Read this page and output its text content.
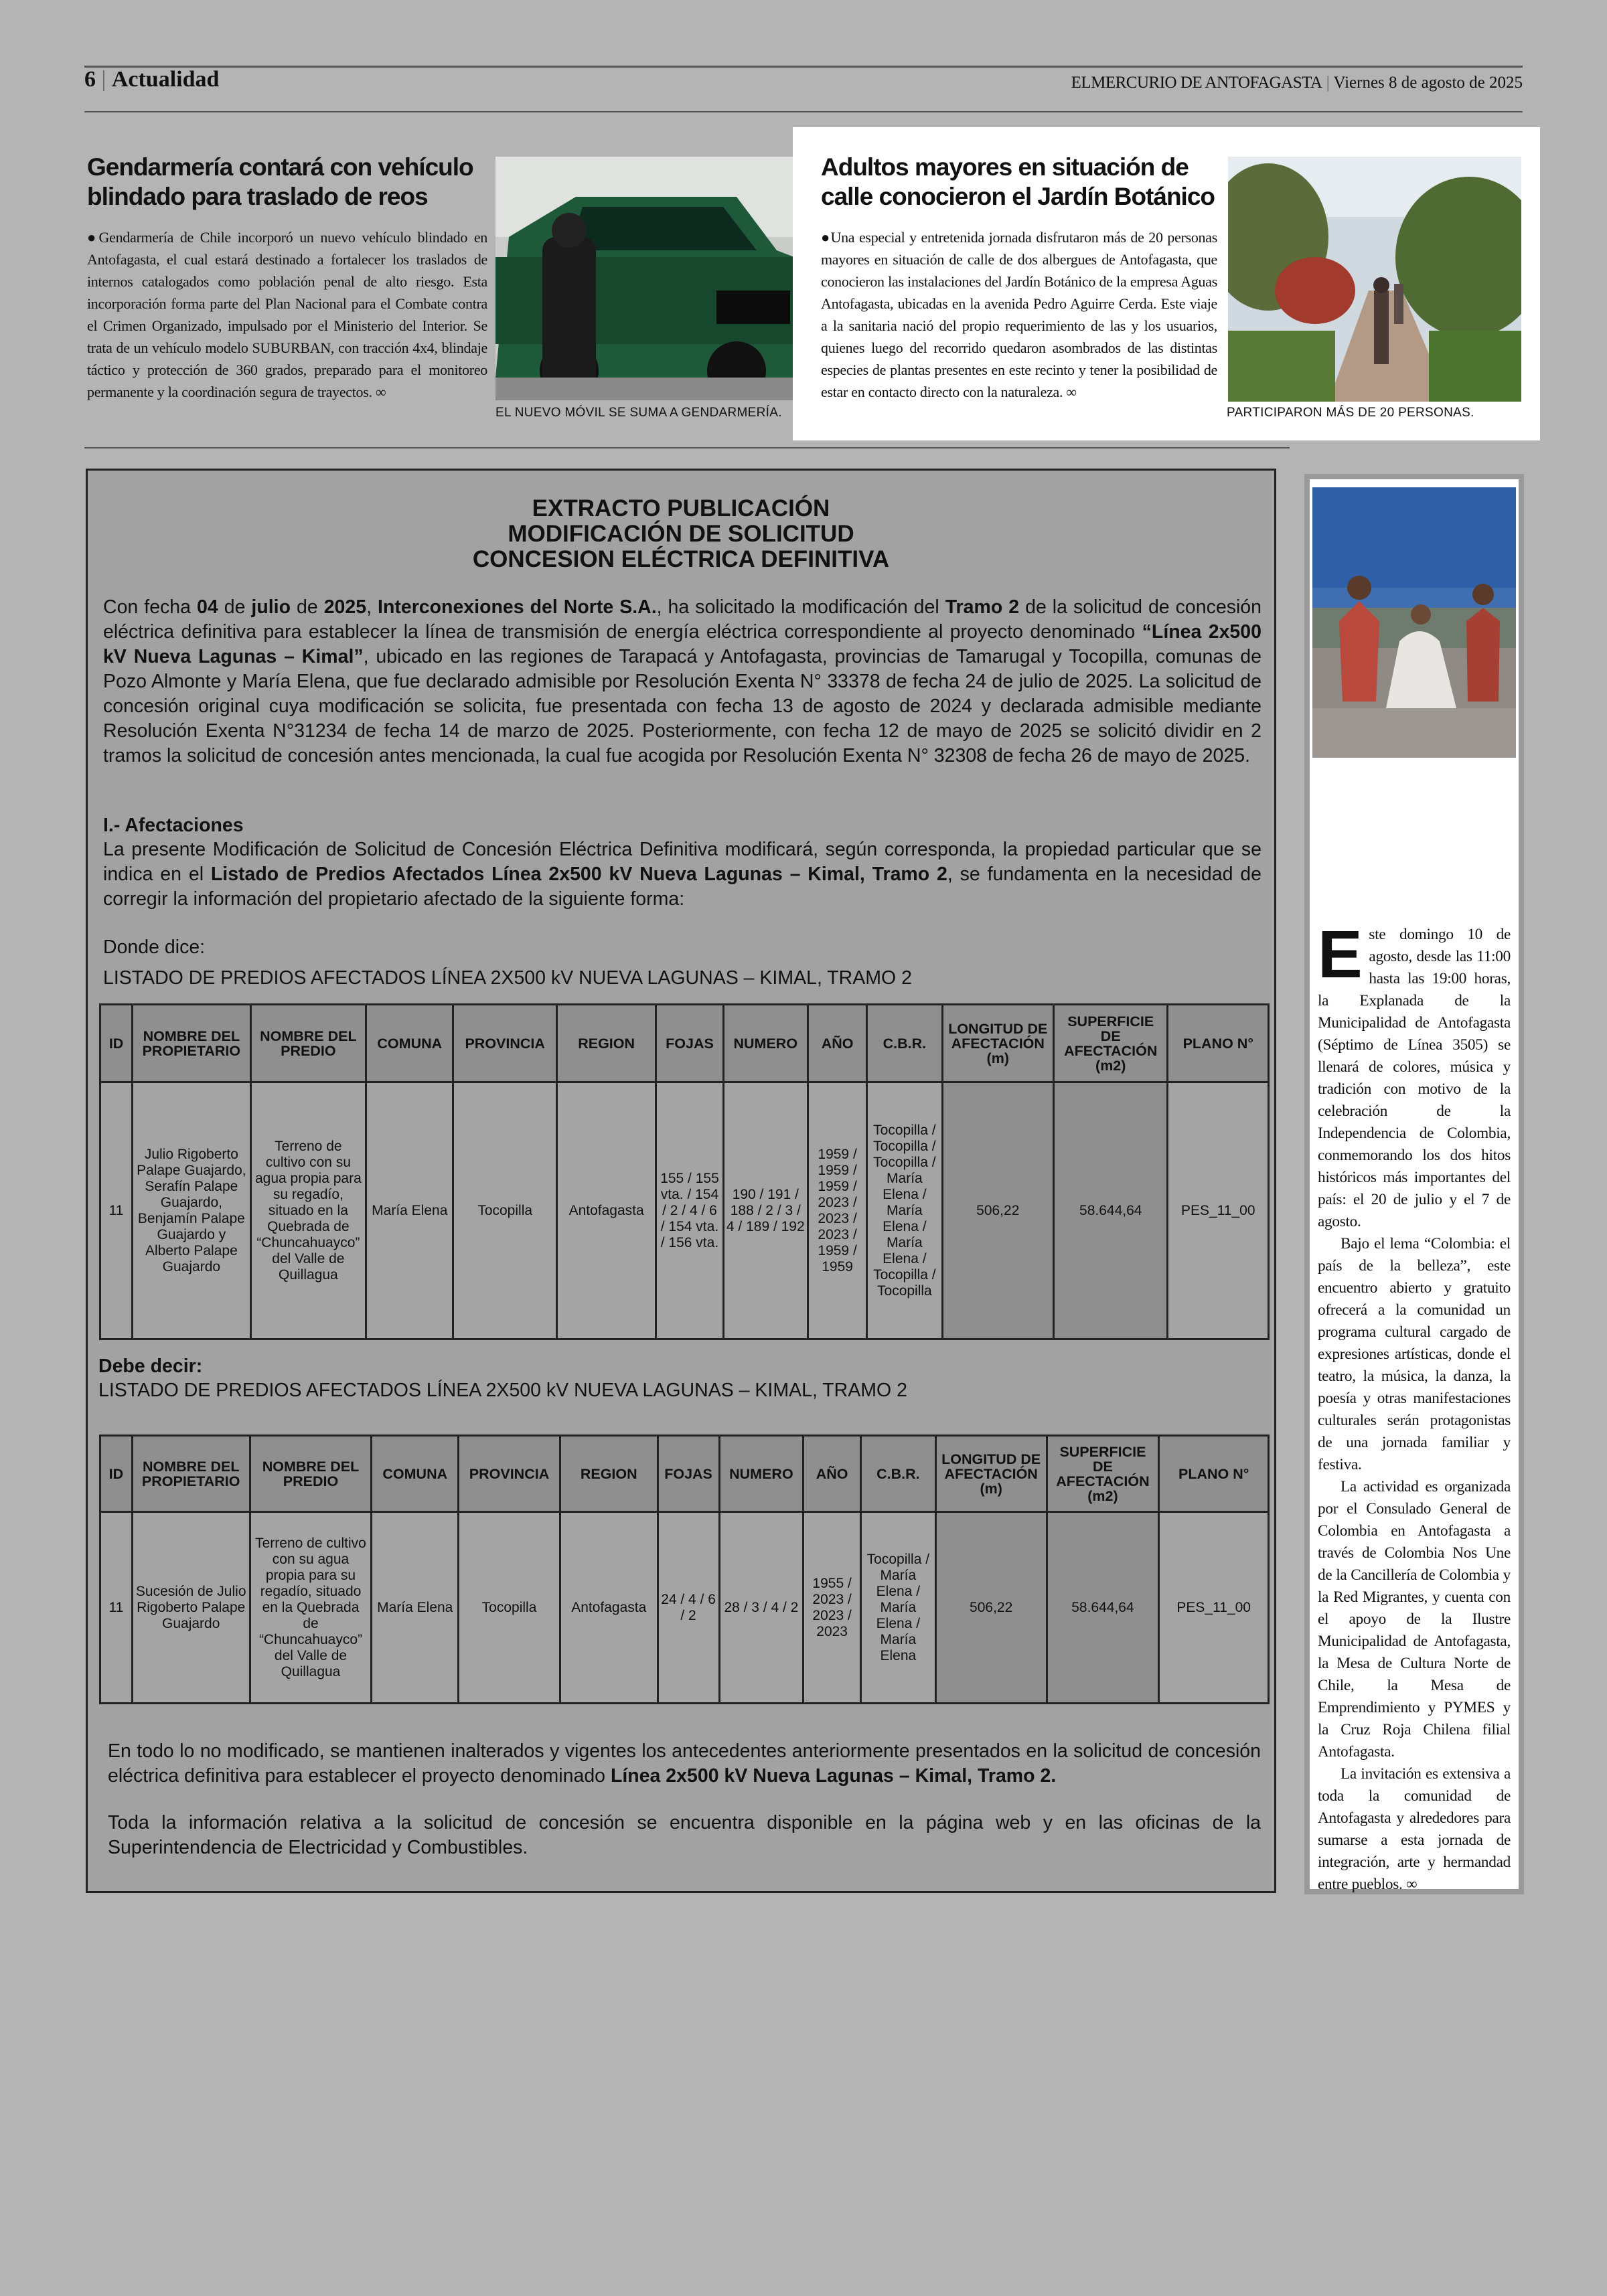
6 | Actualidad	ELMERCURIO DE ANTOFAGASTA | Viernes 8 de agosto de 2025
Gendarmería contará con vehículo blindado para traslado de reos
●Gendarmería de Chile incorporó un nuevo vehículo blindado en Antofagasta, el cual estará destinado a fortalecer los traslados de internos catalogados como población penal de alto riesgo. Esta incorporación forma parte del Plan Nacional para el Combate contra el Crimen Organizado, impulsado por el Ministerio del Interior. Se trata de un vehículo modelo SUBURBAN, con tracción 4x4, blindaje táctico y protección de 360 grados, preparado para el monitoreo permanente y la coordinación segura de trayectos. ∞
EL NUEVO MÓVIL SE SUMA A GENDARMERÍA.
Adultos mayores en situación de calle conocieron el Jardín Botánico
●Una especial y entretenida jornada disfrutaron más de 20 personas mayores en situación de calle de dos albergues de Antofagasta, que conocieron las instalaciones del Jardín Botánico de la empresa Aguas Antofagasta, ubicadas en la avenida Pedro Aguirre Cerda. Este viaje a la sanitaria nació del propio requerimiento de las y los usuarios, quienes luego del recorrido quedaron asombrados de las distintas especies de plantas presentes en este recinto y tener la posibilidad de estar en contacto directo con la naturaleza. ∞
PARTICIPARON MÁS DE 20 PERSONAS.
EXTRACTO PUBLICACIÓN
MODIFICACIÓN DE SOLICITUD
CONCESION ELÉCTRICA DEFINITIVA
Con fecha 04 de julio de 2025, Interconexiones del Norte S.A., ha solicitado la modificación del Tramo 2 de la solicitud de concesión eléctrica definitiva para establecer la línea de transmisión de energía eléctrica correspondiente al proyecto denominado “Línea 2x500 kV Nueva Lagunas – Kimal”, ubicado en las regiones de Tarapacá y Antofagasta, provincias de Tamarugal y Tocopilla, comunas de Pozo Almonte y María Elena, que fue declarado admisible por Resolución Exenta N° 33378 de fecha 24 de julio de 2025. La solicitud de concesión original cuya modificación se solicita, fue presentada con fecha 13 de agosto de 2024 y declarada admisible mediante Resolución Exenta N°31234 de fecha 14 de marzo de 2025. Posteriormente, con fecha 12 de mayo de 2025 se solicitó dividir en 2 tramos la solicitud de concesión antes mencionada, la cual fue acogida por Resolución Exenta N° 32308 de fecha 26 de mayo de 2025.
I.- Afectaciones
La presente Modificación de Solicitud de Concesión Eléctrica Definitiva modificará, según corresponda, la propiedad particular que se indica en el Listado de Predios Afectados Línea 2x500 kV Nueva Lagunas – Kimal, Tramo 2, se fundamenta en la necesidad de corregir la información del propietario afectado de la siguiente forma:
Donde dice:
LISTADO DE PREDIOS AFECTADOS LÍNEA 2X500 kV NUEVA LAGUNAS – KIMAL, TRAMO 2
ID	NOMBRE DEL PROPIETARIO	NOMBRE DEL PREDIO	COMUNA	PROVINCIA	REGION	FOJAS	NUMERO	AÑO	C.B.R.	LONGITUD DE AFECTACIÓN (m)	SUPERFICIE DE AFECTACIÓN (m2)	PLANO N°
11	Julio Rigoberto Palape Guajardo, Serafín Palape Guajardo, Benjamín Palape Guajardo y Alberto Palape Guajardo	Terreno de cultivo con su agua propia para su regadío, situado en la Quebrada de “Chuncahuayco” del Valle de Quillagua	María Elena	Tocopilla	Antofagasta	155 / 155 vta. / 154 / 2 / 4 / 6 / 154 vta. / 156 vta.	190 / 191 / 188 / 2 / 3 / 4 / 189 / 192	1959 / 1959 / 1959 / 2023 / 2023 / 2023 / 1959 / 1959	Tocopilla / Tocopilla / Tocopilla / María Elena / María Elena / María Elena / Tocopilla / Tocopilla	506,22	58.644,64	PES_11_00
Debe decir:
LISTADO DE PREDIOS AFECTADOS LÍNEA 2X500 kV NUEVA LAGUNAS – KIMAL, TRAMO 2
ID	NOMBRE DEL PROPIETARIO	NOMBRE DEL PREDIO	COMUNA	PROVINCIA	REGION	FOJAS	NUMERO	AÑO	C.B.R.	LONGITUD DE AFECTACIÓN (m)	SUPERFICIE DE AFECTACIÓN (m2)	PLANO N°
11	Sucesión de Julio Rigoberto Palape Guajardo	Terreno de cultivo con su agua propia para su regadío, situado en la Quebrada de “Chuncahuayco” del Valle de Quillagua	María Elena	Tocopilla	Antofagasta	24 / 4 / 6 / 2	28 / 3 / 4 / 2	1955 / 2023 / 2023 / 2023	Tocopilla / María Elena / María Elena / María Elena	506,22	58.644,64	PES_11_00
En todo lo no modificado, se mantienen inalterados y vigentes los antecedentes anteriormente presentados en la solicitud de concesión eléctrica definitiva para establecer el proyecto denominado Línea 2x500 kV Nueva Lagunas – Kimal, Tramo 2.
Toda la información relativa a la solicitud de concesión se encuentra disponible en la página web y en las oficinas de la Superintendencia de Electricidad y Combustibles.
Antofagasta celebra la independencia de Colombia con un festival artístico
Este domingo 10 de agosto, desde las 11:00 hasta las 19:00 horas, la Explanada de la Municipalidad de Antofagasta (Séptimo de Línea 3505) se llenará de colores, música y tradición con motivo de la celebración de la Independencia de Colombia, conmemorando los dos hitos históricos más importantes del país: el 20 de julio y el 7 de agosto.
Bajo el lema “Colombia: el país de la belleza”, este encuentro abierto y gratuito ofrecerá a la comunidad un programa cultural cargado de expresiones artísticas, donde el teatro, la música, la danza, la poesía y otras manifestaciones culturales serán protagonistas de una jornada familiar y festiva.
La actividad es organizada por el Consulado General de Colombia en Antofagasta a través de Colombia Nos Une de la Cancillería de Colombia y la Red Migrantes, y cuenta con el apoyo de la Ilustre Municipalidad de Antofagasta, la Mesa de Cultura Norte de Chile, la Mesa de Emprendimiento y PYMES y la Cruz Roja Chilena filial Antofagasta.
La invitación es extensiva a toda la comunidad de Antofagasta y alrededores para sumarse a esta jornada de integración, arte y hermandad entre pueblos. ∞
